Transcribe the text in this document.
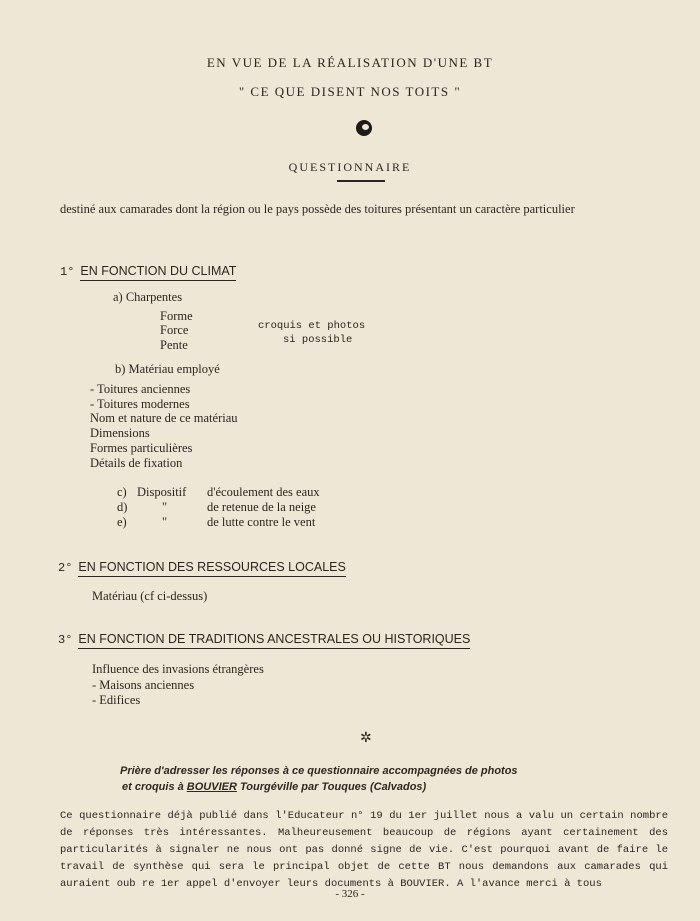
EN VUE DE LA RÉALISATION D'UNE BT
" CE QUE DISENT NOS TOITS "
QUESTIONNAIRE
destiné aux camarades dont la région ou le pays possède des toitures présentant un caractère particulier
1° EN FONCTION DU CLIMAT
a) Charpentes
Forme
Force
Pente
croquis et photos
si possible
b) Matériau employé
- Toitures anciennes
- Toitures modernes
Nom et nature de ce matériau
Dimensions
Formes particulières
Détails de fixation
c) Dispositif d'écoulement des eaux
d)	"	de retenue de la neige
e)	"	de lutte contre le vent
2° EN FONCTION DES RESSOURCES LOCALES
Matériau (cf ci-dessus)
3° EN FONCTION DE TRADITIONS ANCESTRALES OU HISTORIQUES
Influence des invasions étrangères
- Maisons anciennes
- Edifices
✲
Prière d'adresser les réponses à ce questionnaire accompagnées de photos
et croquis à BOUVIER Tourgéville par Touques (Calvados)
Ce questionnaire déjà publié dans l'Educateur n° 19 du 1er juillet nous a valu un certain nombre de réponses très intéressantes. Malheureusement beaucoup de régions ayant certainement des particularités à signaler ne nous ont pas donné signe de vie. C'est pourquoi avant de faire le travail de synthèse qui sera le principal objet de cette BT nous demandons aux camarades qui auraient oub re 1er appel d'envoyer leurs documents à BOUVIER. A l'avance merci à tous
- 326 -
